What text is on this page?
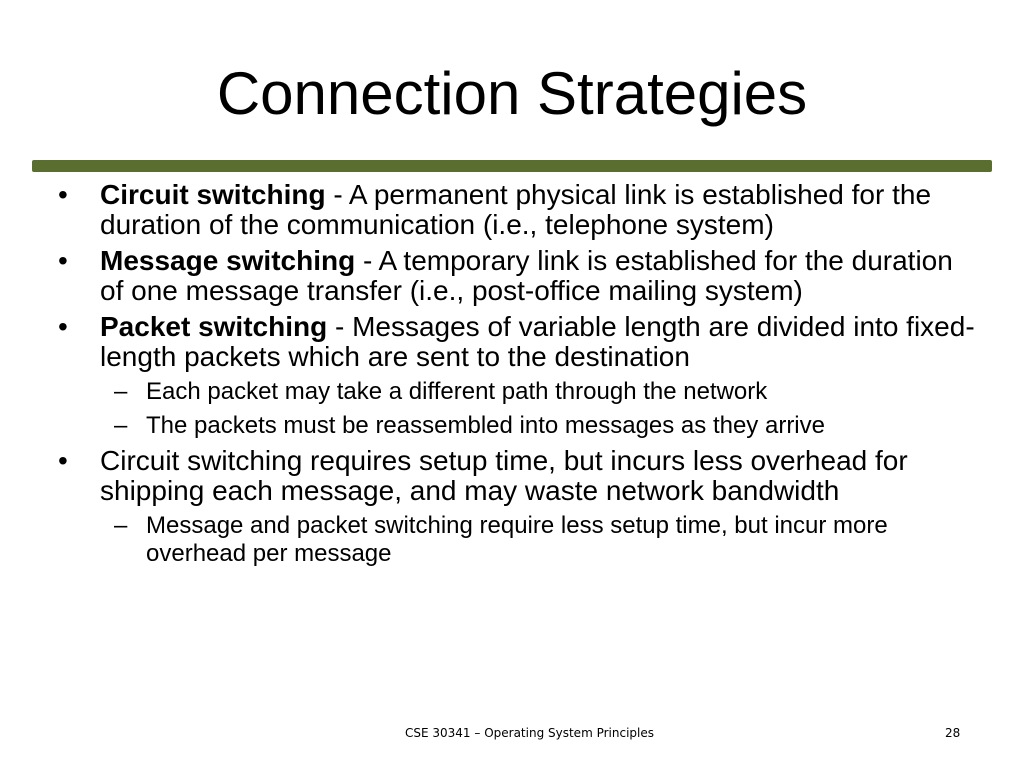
Connection Strategies
•	Circuit switching - A permanent physical link is established for the duration of the communication (i.e., telephone system)
•	Message switching - A temporary link is established for the duration of one message transfer (i.e., post-office mailing system)
•	Packet switching - Messages of variable length are divided into fixed-length packets which are sent to the destination
– Each packet may take a different path through the network
– The packets must be reassembled into messages as they arrive
•	Circuit switching requires setup time, but incurs less overhead for shipping each message, and may waste network bandwidth
– Message and packet switching require less setup time, but incur more overhead per message
CSE 30341 – Operating System Principles	28
